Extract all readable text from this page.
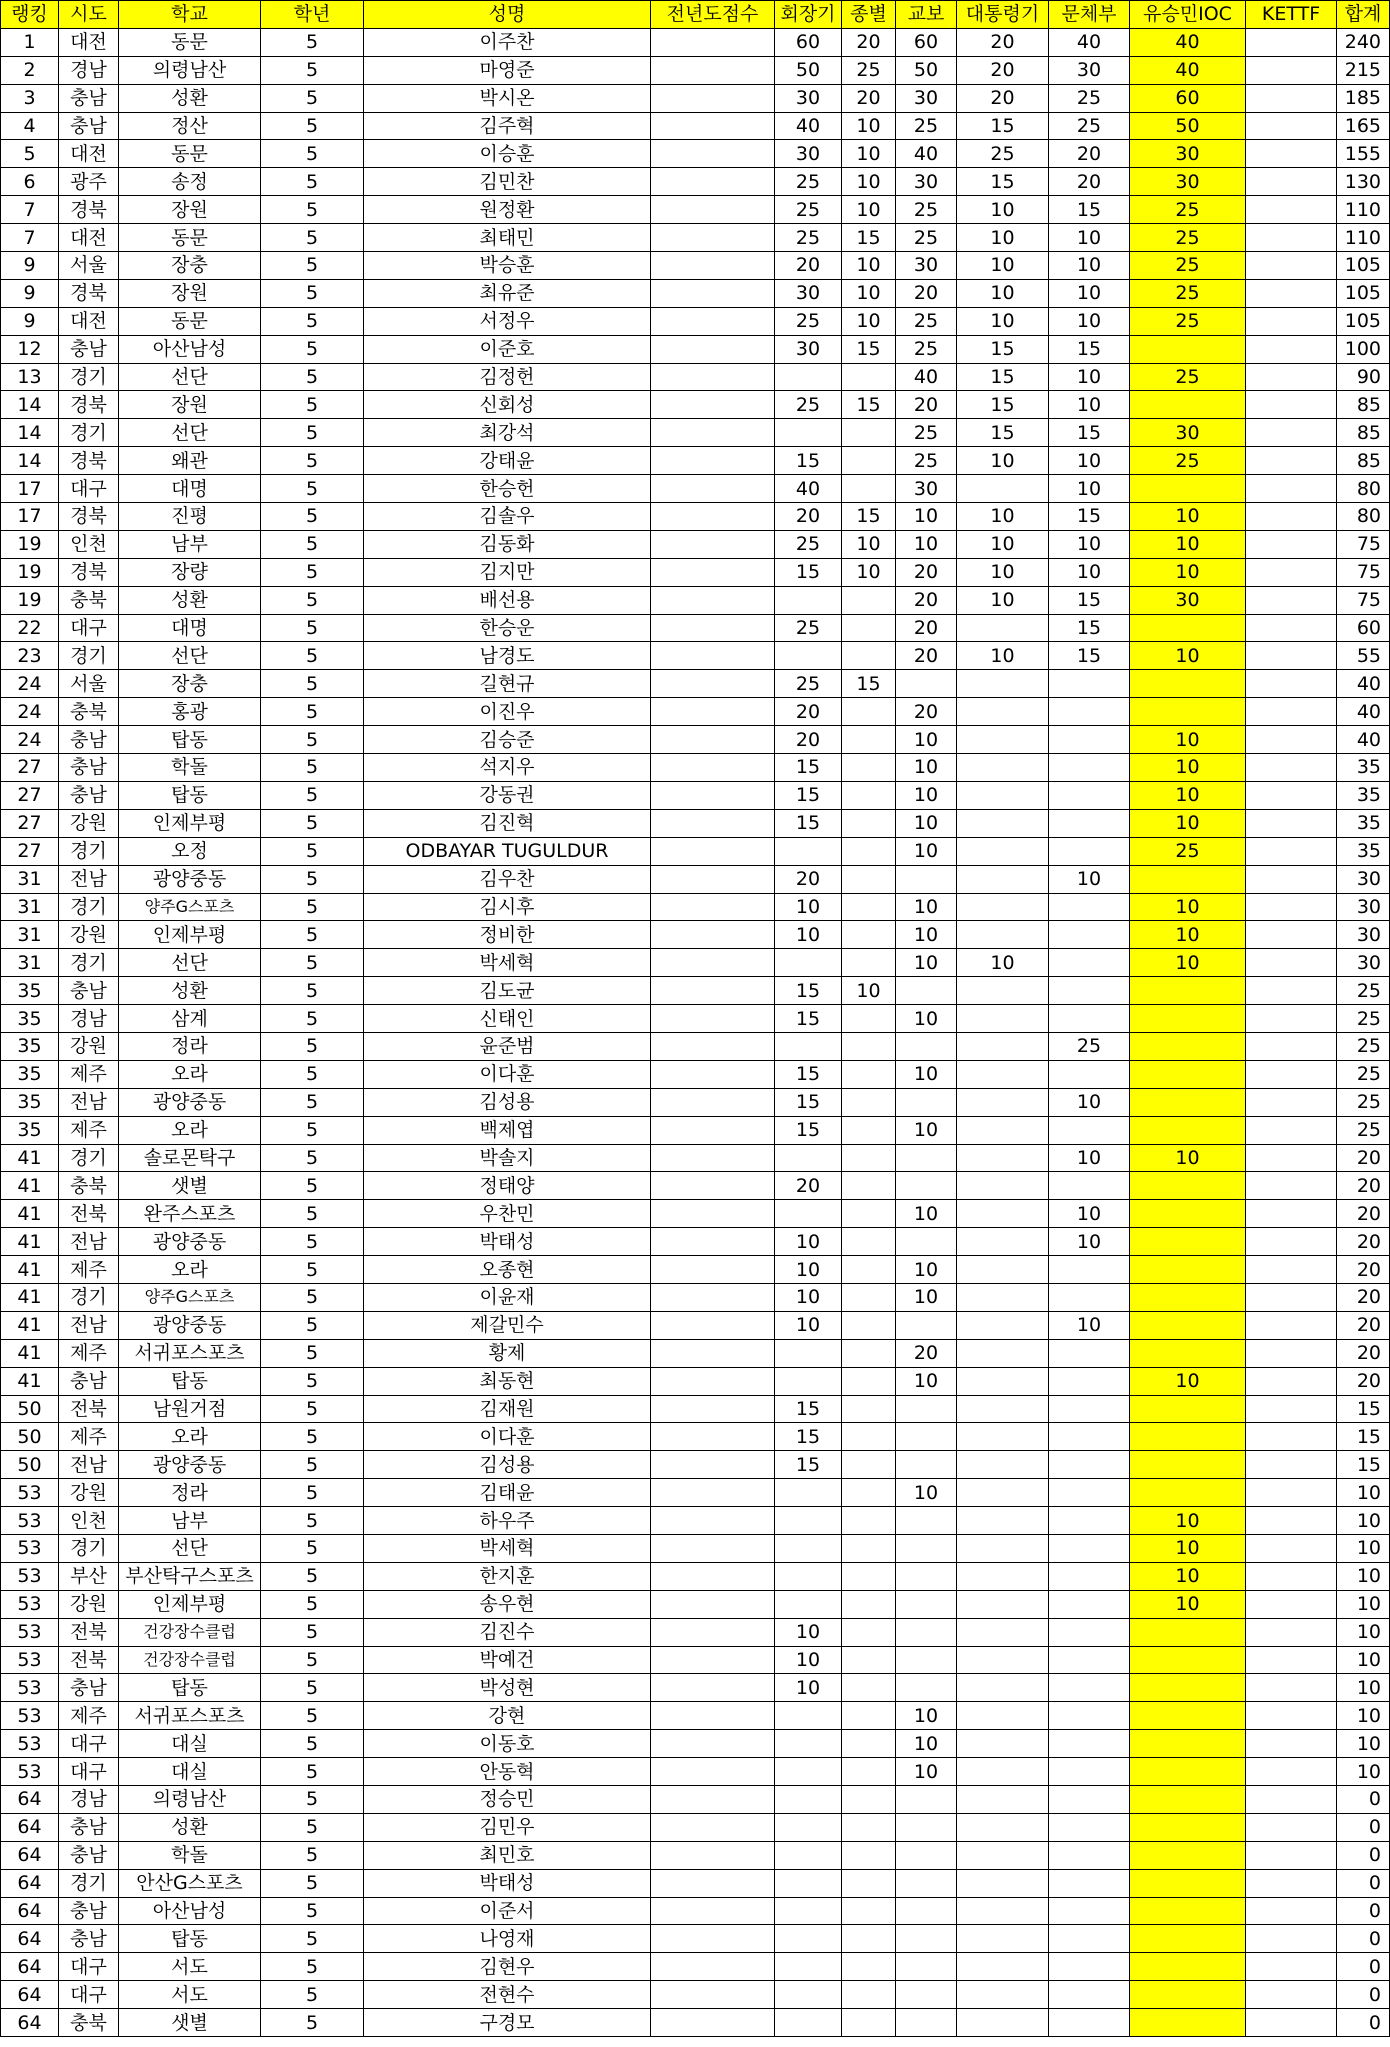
랭킹	시도	학교	학년	성명	전년도점수	회장기	종별	교보	대통령기	문체부	유승민IOC	KETTF	합계
1	대전	동문	5	이주찬		60	20	60	20	40	40		240
2	경남	의령남산	5	마영준		50	25	50	20	30	40		215
3	충남	성환	5	박시온		30	20	30	20	25	60		185
4	충남	정산	5	김주혁		40	10	25	15	25	50		165
5	대전	동문	5	이승훈		30	10	40	25	20	30		155
6	광주	송정	5	김민찬		25	10	30	15	20	30		130
7	경북	장원	5	원정환		25	10	25	10	15	25		110
7	대전	동문	5	최태민		25	15	25	10	10	25		110
9	서울	장충	5	박승훈		20	10	30	10	10	25		105
9	경북	장원	5	최유준		30	10	20	10	10	25		105
9	대전	동문	5	서정우		25	10	25	10	10	25		105
12	충남	아산남성	5	이준호		30	15	25	15	15			100
13	경기	선단	5	김정헌				40	15	10	25		90
14	경북	장원	5	신회성		25	15	20	15	10			85
14	경기	선단	5	최강석				25	15	15	30		85
14	경북	왜관	5	강태윤		15		25	10	10	25		85
17	대구	대명	5	한승헌		40		30		10			80
17	경북	진평	5	김솔우		20	15	10	10	15	10		80
19	인천	남부	5	김동화		25	10	10	10	10	10		75
19	경북	장량	5	김지만		15	10	20	10	10	10		75
19	충북	성환	5	배선용				20	10	15	30		75
22	대구	대명	5	한승운		25		20		15			60
23	경기	선단	5	남경도				20	10	15	10		55
24	서울	장충	5	길현규		25	15						40
24	충북	홍광	5	이진우		20		20					40
24	충남	탑동	5	김승준		20		10			10		40
27	충남	학돌	5	석지우		15		10			10		35
27	충남	탑동	5	강동권		15		10			10		35
27	강원	인제부평	5	김진혁		15		10			10		35
27	경기	오정	5	ODBAYAR TUGULDUR				10			25		35
31	전남	광양중동	5	김우찬		20				10			30
31	경기	양주G스포츠	5	김시후		10		10			10		30
31	강원	인제부평	5	정비한		10		10			10		30
31	경기	선단	5	박세혁				10	10		10		30
35	충남	성환	5	김도균		15	10						25
35	경남	삼계	5	신태인		15		10					25
35	강원	정라	5	윤준범						25			25
35	제주	오라	5	이다훈		15		10					25
35	전남	광양중동	5	김성용		15				10			25
35	제주	오라	5	백제엽		15		10					25
41	경기	솔로몬탁구	5	박솔지						10	10		20
41	충북	샛별	5	정태양		20							20
41	전북	완주스포츠	5	우찬민				10		10			20
41	전남	광양중동	5	박태성		10				10			20
41	제주	오라	5	오종현		10		10					20
41	경기	양주G스포츠	5	이윤재		10		10					20
41	전남	광양중동	5	제갈민수		10				10			20
41	제주	서귀포스포츠	5	황제				20					20
41	충남	탑동	5	최동현				10			10		20
50	전북	남원거점	5	김재원		15							15
50	제주	오라	5	이다훈		15							15
50	전남	광양중동	5	김성용		15							15
53	강원	정라	5	김태윤				10					10
53	인천	남부	5	하우주							10		10
53	경기	선단	5	박세혁							10		10
53	부산	부산탁구스포츠	5	한지훈							10		10
53	강원	인제부평	5	송우현							10		10
53	전북	건강장수클럽	5	김진수		10							10
53	전북	건강장수클럽	5	박예건		10							10
53	충남	탑동	5	박성현		10							10
53	제주	서귀포스포츠	5	강현				10					10
53	대구	대실	5	이동호				10					10
53	대구	대실	5	안동혁				10					10
64	경남	의령남산	5	정승민									0
64	충남	성환	5	김민우									0
64	충남	학돌	5	최민호									0
64	경기	안산G스포츠	5	박태성									0
64	충남	아산남성	5	이준서									0
64	충남	탑동	5	나영재									0
64	대구	서도	5	김현우									0
64	대구	서도	5	전현수									0
64	충북	샛별	5	구경모									0
